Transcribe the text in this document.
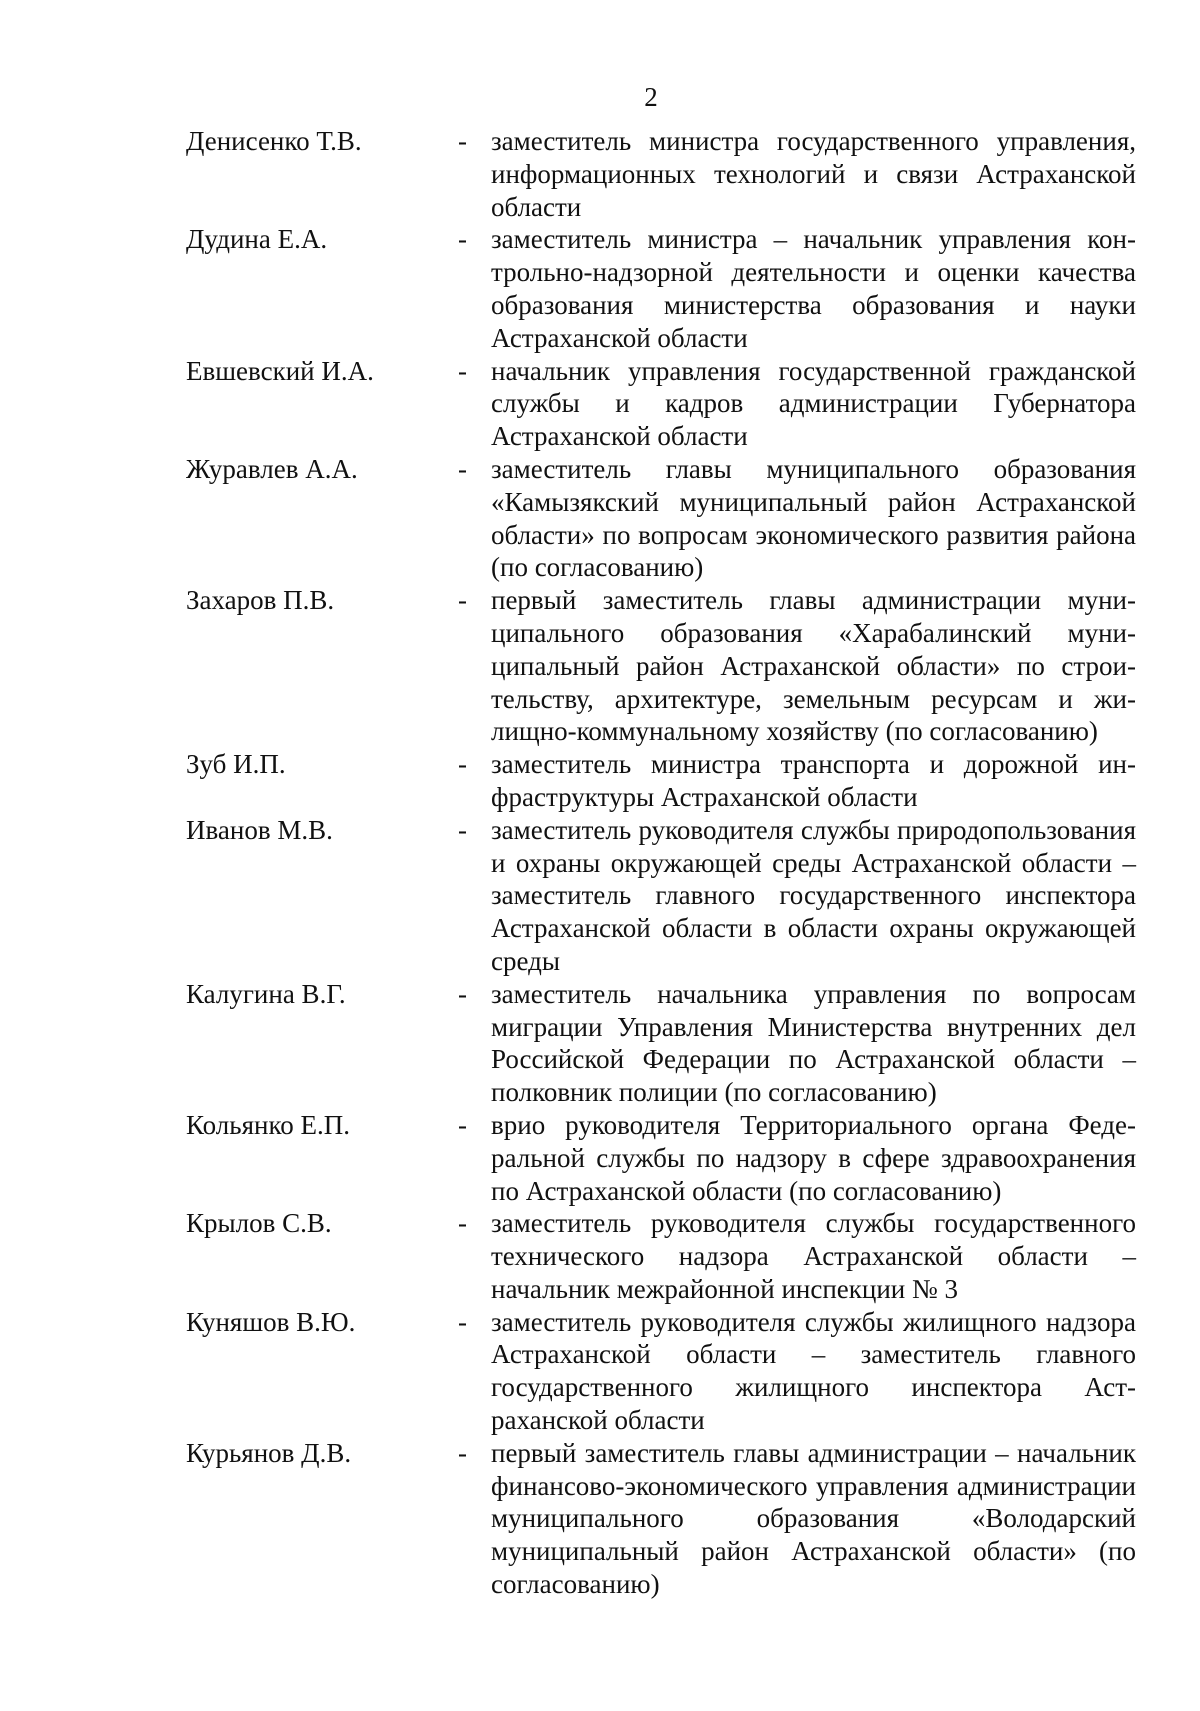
2
Денисенко Т.В.	- заместитель министра государственного управления, информационных технологий и связи Астраханской области
Дудина Е.А.	- заместитель министра – начальник управления контрольно-надзорной деятельности и оценки качества образования министерства образования и науки Астраханской области
Евшевский И.А.	- начальник управления государственной гражданской службы и кадров администрации Губернатора Астраханской области
Журавлев А.А.	- заместитель главы муниципального образования «Камызякский муниципальный район Астраханской области» по вопросам экономического развития района (по согласованию)
Захаров П.В.	- первый заместитель главы администрации муниципального образования «Харабалинский муниципальный район Астраханской области» по строительству, архитектуре, земельным ресурсам и жилищно-коммунальному хозяйству (по согласованию)
Зуб И.П.	- заместитель министра транспорта и дорожной инфраструктуры Астраханской области
Иванов М.В.	- заместитель руководителя службы природопользования и охраны окружающей среды Астраханской области – заместитель главного государственного инспектора Астраханской области в области охраны окружающей среды
Калугина В.Г.	- заместитель начальника управления по вопросам миграции Управления Министерства внутренних дел Российской Федерации по Астраханской области – полковник полиции (по согласованию)
Кольянко Е.П.	- врио руководителя Территориального органа Федеральной службы по надзору в сфере здравоохранения по Астраханской области (по согласованию)
Крылов С.В.	- заместитель руководителя службы государственного технического надзора Астраханской области – начальник межрайонной инспекции № 3
Куняшов В.Ю.	- заместитель руководителя службы жилищного надзора Астраханской области – заместитель главного государственного жилищного инспектора Астраханской области
Курьянов Д.В.	- первый заместитель главы администрации – начальник финансово-экономического управления администрации муниципального образования «Володарский муниципальный район Астраханской области» (по согласованию)
